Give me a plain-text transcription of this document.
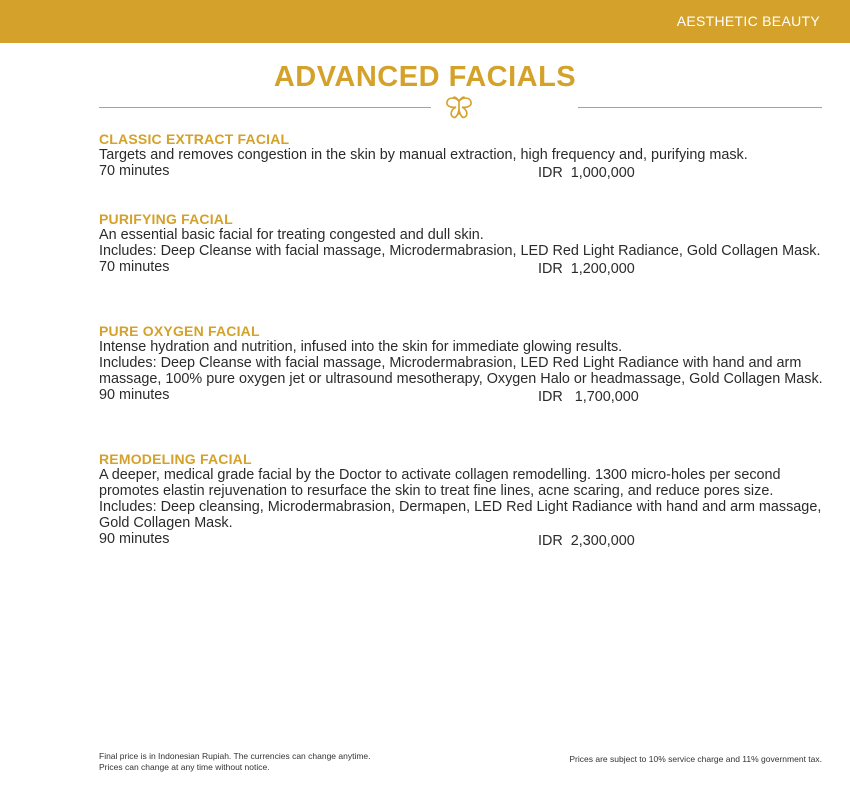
AESTHETIC BEAUTY
ADVANCED FACIALS
CLASSIC EXTRACT FACIAL
Targets and removes congestion in the skin by manual extraction, high frequency and, purifying mask.
70 minutes	IDR  1,000,000
PURIFYING FACIAL
An essential basic facial for treating congested and dull skin.
Includes: Deep Cleanse with facial massage, Microdermabrasion, LED Red Light Radiance, Gold Collagen Mask.
70 minutes	IDR  1,200,000
PURE OXYGEN FACIAL
Intense hydration and nutrition, infused into the skin for immediate glowing results.
Includes: Deep Cleanse with facial massage, Microdermabrasion, LED Red Light Radiance with hand and arm massage, 100% pure oxygen jet or ultrasound mesotherapy, Oxygen Halo or headmassage, Gold Collagen Mask.
90 minutes	IDR   1,700,000
REMODELING FACIAL
A deeper, medical grade facial by the Doctor to activate collagen remodelling. 1300 micro-holes per second promotes elastin rejuvenation to resurface the skin to treat fine lines, acne scaring, and reduce pores size.
Includes: Deep cleansing, Microdermabrasion, Dermapen, LED Red Light Radiance with hand and arm massage, Gold Collagen Mask.
90 minutes	IDR  2,300,000
Final price is in Indonesian Rupiah. The currencies can change anytime.
Prices can change at any time without notice.
Prices are subject to 10% service charge and 11% government tax.
